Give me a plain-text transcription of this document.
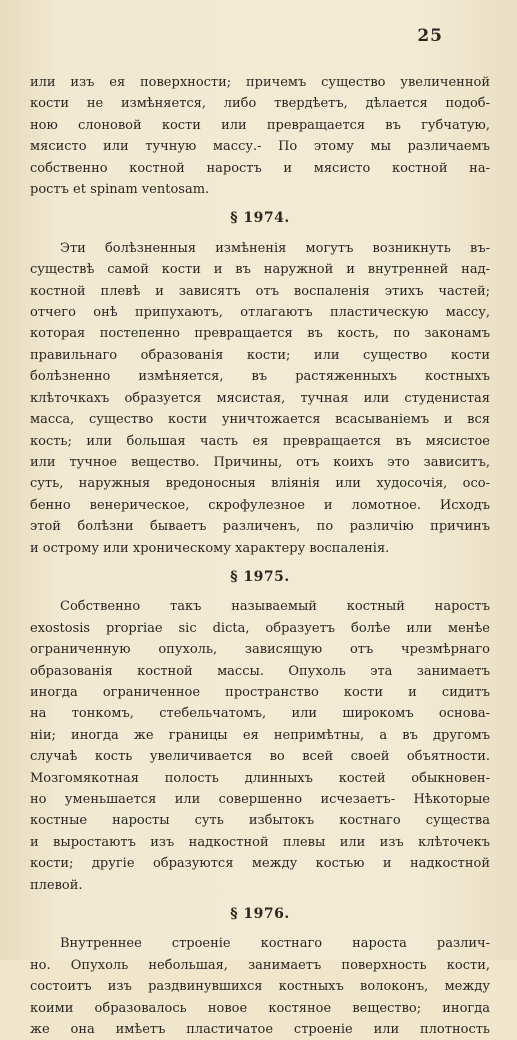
25
или изъ ея поверхности; причемъ существо увеличенной
кости не измѣняется, либо твердѣетъ, дѣлается подоб-
ною слоновой кости или превращается въ губчатую,
мясисто или тучную массу.- По этому мы различаемъ
собственно костной наростъ и мясисто костной на-
ростъ et spinam ventosam.
§ 1974.
Эти болѣзненныя измѣненія могутъ возникнуть въ-
существѣ самой кости и въ наружной и внутренней над-
костной плевѣ и зависятъ отъ воспаленія этихъ частей;
отчего онѣ припухаютъ, отлагаютъ пластическую массу,
которая постепенно превращается въ кость, по законамъ
правильнаго образованія кости; или существо кости
болѣзненно измѣняется, въ растяженныхъ костныхъ
клѣточкахъ образуется мясистая, тучная или студенистая
масса, существо кости уничтожается всасываніемъ и вся
кость; или большая часть ея превращается въ мясистое
или тучное вещество. Причины, отъ коихъ это зависитъ,
суть, наружныя вредоносныя вліянія или худосочія, осо-
бенно венерическое, скрофулезное и ломотное. Исходъ
этой болѣзни бываетъ различенъ, по различію причинъ
и острому или хроническому характеру воспаленія.
§ 1975.
Собственно такъ называемый костный наростъ
exostosis propriae sic dicta, образуетъ болѣе или менѣе
ограниченную опухоль, зависящую отъ чрезмѣрнаго
образованія костной массы. Опухоль эта занимаетъ
иногда ограниченное пространство кости и сидитъ
на тонкомъ, стебельчатомъ, или широкомъ основа-
ніи; иногда же границы ея непримѣтны, а въ другомъ
случаѣ кость увеличивается во всей своей объятности.
Мозгомякотная полость длинныхъ костей обыкновен-
но уменьшается или совершенно исчезаетъ- Нѣкоторые
костные наросты суть избытокъ костнаго существа
и выростаютъ изъ надкостной плевы или изъ клѣточекъ
кости; другіе образуются между костью и надкостной
плевой.
§ 1976.
Внутреннее строеніе костнаго нароста различ-
но. Опухоль небольшая, занимаетъ поверхность кости,
состоитъ изъ раздвинувшихся костныхъ волоконъ, между
коими образовалось новое костяное вещество; иногда
же она имѣетъ пластичатое строеніе или плотность
